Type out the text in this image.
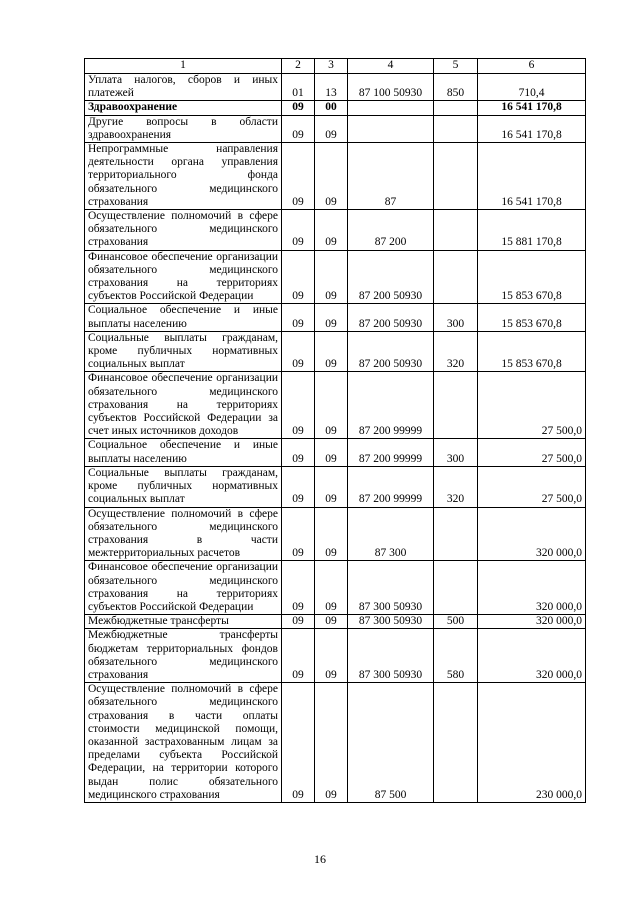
1	2	3	4	5	6
Уплата налогов, сборов и иных платежей	01	13	87 100 50930	850	710,4
Здравоохранение	09	00			16 541 170,8
Другие вопросы в области здравоохранения	09	09			16 541 170,8
Непрограммные направления деятельности органа управления территориального фонда обязательного медицинского страхования	09	09	87		16 541 170,8
Осуществление полномочий в сфере обязательного медицинского страхования	09	09	87 200		15 881 170,8
Финансовое обеспечение организации обязательного медицинского страхования на территориях субъектов Российской Федерации	09	09	87 200 50930		15 853 670,8
Социальное обеспечение и иные выплаты населению	09	09	87 200 50930	300	15 853 670,8
Социальные выплаты гражданам, кроме публичных нормативных социальных выплат	09	09	87 200 50930	320	15 853 670,8
Финансовое обеспечение организации обязательного медицинского страхования на территориях субъектов Российской Федерации за счет иных источников доходов	09	09	87 200 99999		27 500,0
Социальное обеспечение и иные выплаты населению	09	09	87 200 99999	300	27 500,0
Социальные выплаты гражданам, кроме публичных нормативных социальных выплат	09	09	87 200 99999	320	27 500,0
Осуществление полномочий в сфере обязательного медицинского страхования в части межтерриториальных расчетов	09	09	87 300		320 000,0
Финансовое обеспечение организации обязательного медицинского страхования на территориях субъектов Российской Федерации	09	09	87 300 50930		320 000,0
Межбюджетные трансферты	09	09	87 300 50930	500	320 000,0
Межбюджетные трансферты бюджетам территориальных фондов обязательного медицинского страхования	09	09	87 300 50930	580	320 000,0
Осуществление полномочий в сфере обязательного медицинского страхования в части оплаты стоимости медицинской помощи, оказанной застрахованным лицам за пределами субъекта Российской Федерации, на территории которого выдан полис обязательного медицинского страхования	09	09	87 500		230 000,0
16
